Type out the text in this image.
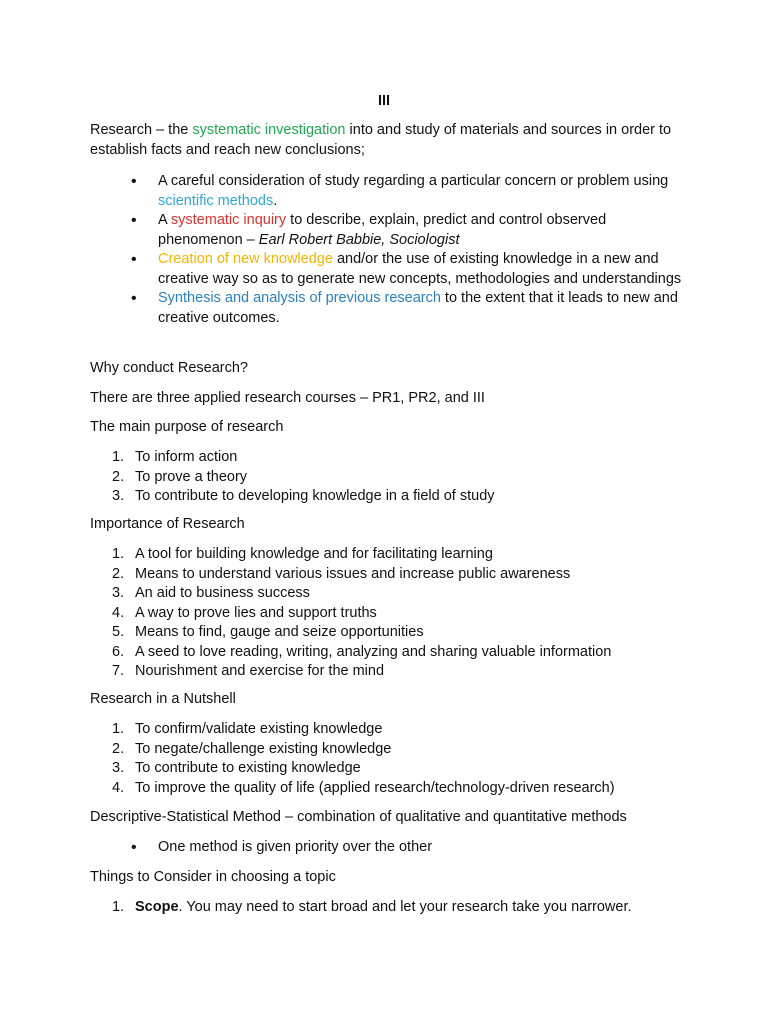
III

Research – the systematic investigation into and study of materials and sources in order to establish facts and reach new conclusions;

• A careful consideration of study regarding a particular concern or problem using scientific methods.
• A systematic inquiry to describe, explain, predict and control observed phenomenon – Earl Robert Babbie, Sociologist
• Creation of new knowledge and/or the use of existing knowledge in a new and creative way so as to generate new concepts, methodologies and understandings
• Synthesis and analysis of previous research to the extent that it leads to new and creative outcomes.

Why conduct Research?

There are three applied research courses – PR1, PR2, and III

The main purpose of research

1. To inform action
2. To prove a theory
3. To contribute to developing knowledge in a field of study

Importance of Research

1. A tool for building knowledge and for facilitating learning
2. Means to understand various issues and increase public awareness
3. An aid to business success
4. A way to prove lies and support truths
5. Means to find, gauge and seize opportunities
6. A seed to love reading, writing, analyzing and sharing valuable information
7. Nourishment and exercise for the mind

Research in a Nutshell

1. To confirm/validate existing knowledge
2. To negate/challenge existing knowledge
3. To contribute to existing knowledge
4. To improve the quality of life (applied research/technology-driven research)

Descriptive-Statistical Method – combination of qualitative and quantitative methods

• One method is given priority over the other

Things to Consider in choosing a topic

1. Scope. You may need to start broad and let your research take you narrower.
